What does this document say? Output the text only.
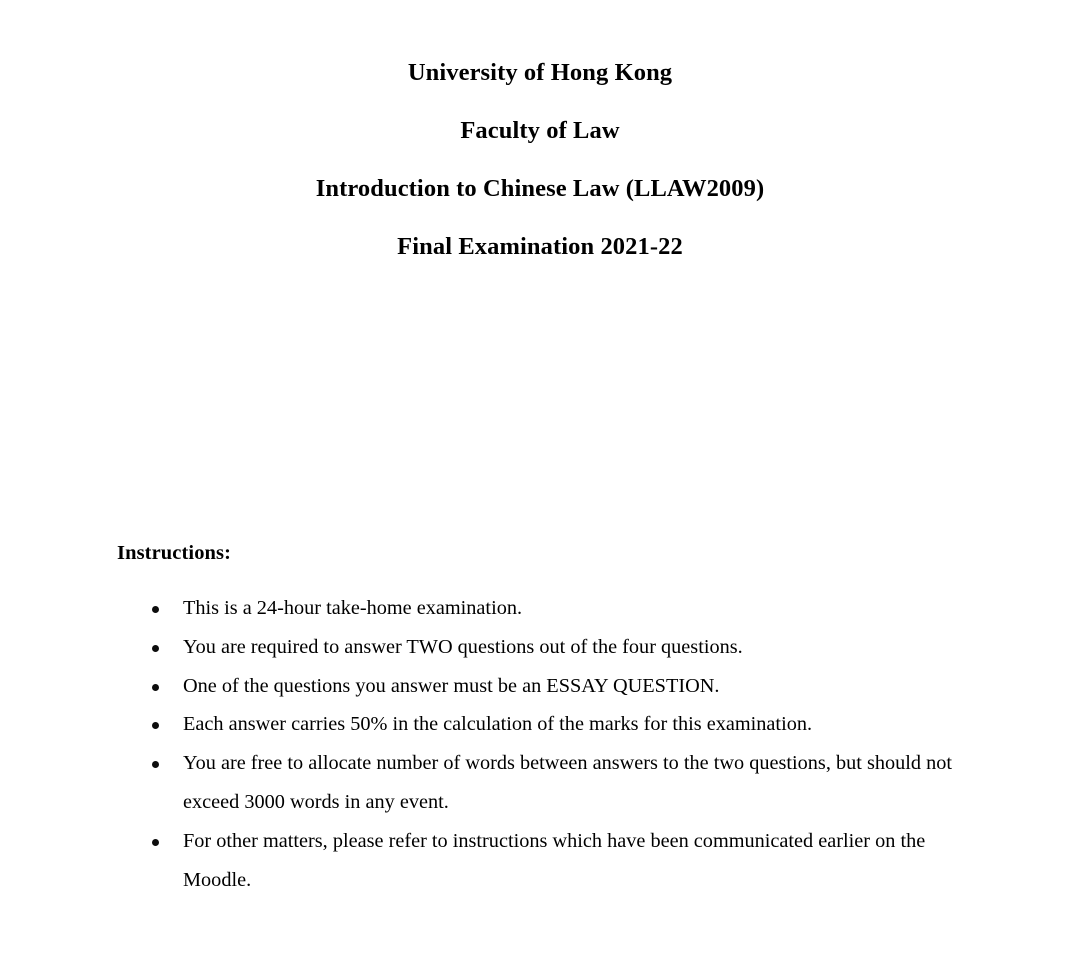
University of Hong Kong
Faculty of Law
Introduction to Chinese Law (LLAW2009)
Final Examination 2021-22
Instructions:
This is a 24-hour take-home examination.
You are required to answer TWO questions out of the four questions.
One of the questions you answer must be an ESSAY QUESTION.
Each answer carries 50% in the calculation of the marks for this examination.
You are free to allocate number of words between answers to the two questions, but should not exceed 3000 words in any event.
For other matters, please refer to instructions which have been communicated earlier on the Moodle.
